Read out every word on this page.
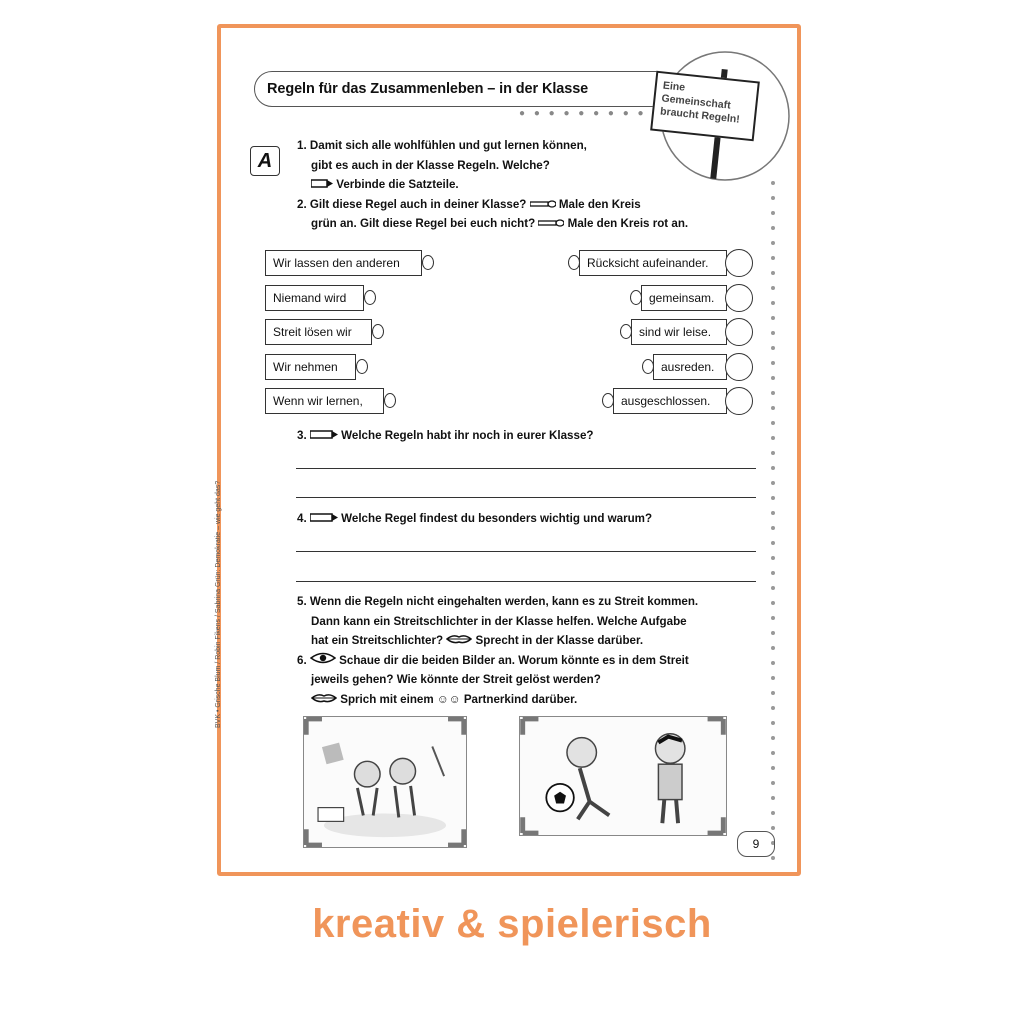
Regeln für das Zusammenleben – in der Klasse
● ● ● ● ● ● ● ● ●
Eine Gemeinschaft braucht Regeln!
A
1. Damit sich alle wohlfühlen und gut lernen können,

gibt es auch in der Klasse Regeln. Welche?
Verbinde die Satzteile.
2. Gilt diese Regel auch in deiner Klasse?	Male den Kreis

grün an. Gilt diese Regel bei euch nicht?	Male den Kreis rot an.
Wir lassen den anderen
Niemand wird
Streit lösen wir
Wir nehmen
Wenn wir lernen,
Rücksicht aufeinander.
gemeinsam.
sind wir leise.
ausreden.
ausgeschlossen.
3.	Welche Regeln habt ihr noch in eurer Klasse?
4.	Welche Regel findest du besonders wichtig und warum?
5. Wenn die Regeln nicht eingehalten werden, kann es zu Streit kommen.

Dann kann ein Streitschlichter in der Klasse helfen. Welche Aufgabe
hat ein Streitschlichter?	Sprecht in der Klasse darüber.
6.	Schaue dir die beiden Bilder an. Worum könnte es in dem Streit

jeweils gehen? Wie könnte der Streit gelöst werden?
Sprich mit einem ☺☺ Partnerkind darüber.
9
BVK • Grische Blum / Robin Fikens / Sabrina Grün: Demokratie – wie geht das?
kreativ & spielerisch
